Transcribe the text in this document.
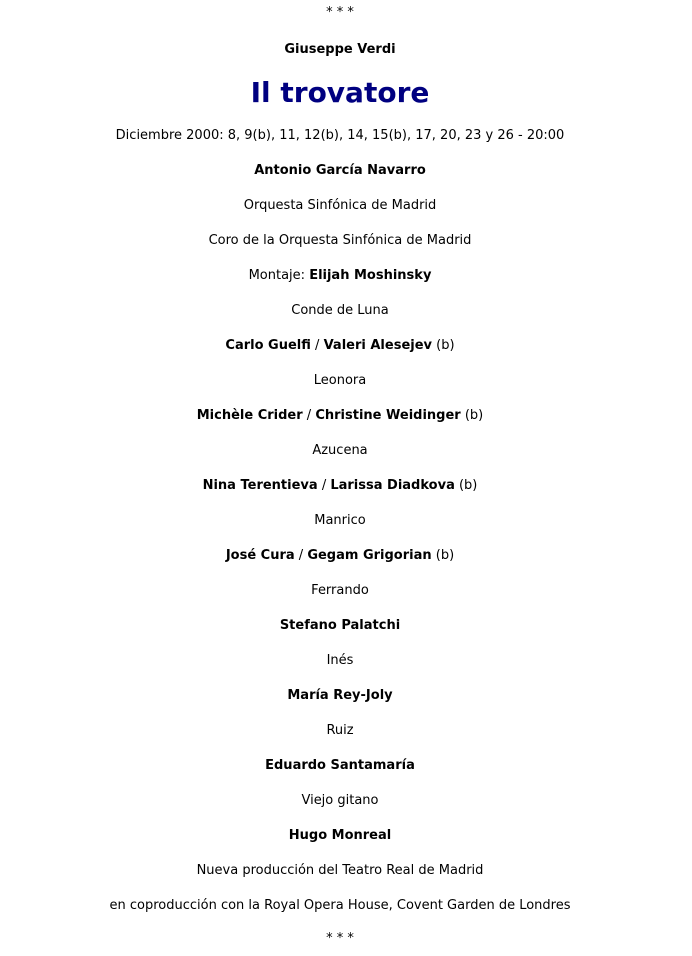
* * *
Giuseppe Verdi
Il trovatore
Diciembre 2000: 8, 9(b), 11, 12(b), 14, 15(b), 17, 20, 23 y 26 - 20:00
Antonio García Navarro
Orquesta Sinfónica de Madrid
Coro de la Orquesta Sinfónica de Madrid
Montaje: Elijah Moshinsky
Conde de Luna
Carlo Guelfi / Valeri Alesejev (b)
Leonora
Michèle Crider / Christine Weidinger (b)
Azucena
Nina Terentieva / Larissa Diadkova (b)
Manrico
José Cura / Gegam Grigorian (b)
Ferrando
Stefano Palatchi
Inés
María Rey-Joly
Ruiz
Eduardo Santamaría
Viejo gitano
Hugo Monreal
Nueva producción del Teatro Real de Madrid
en coproducción con la Royal Opera House, Covent Garden de Londres
* * *
